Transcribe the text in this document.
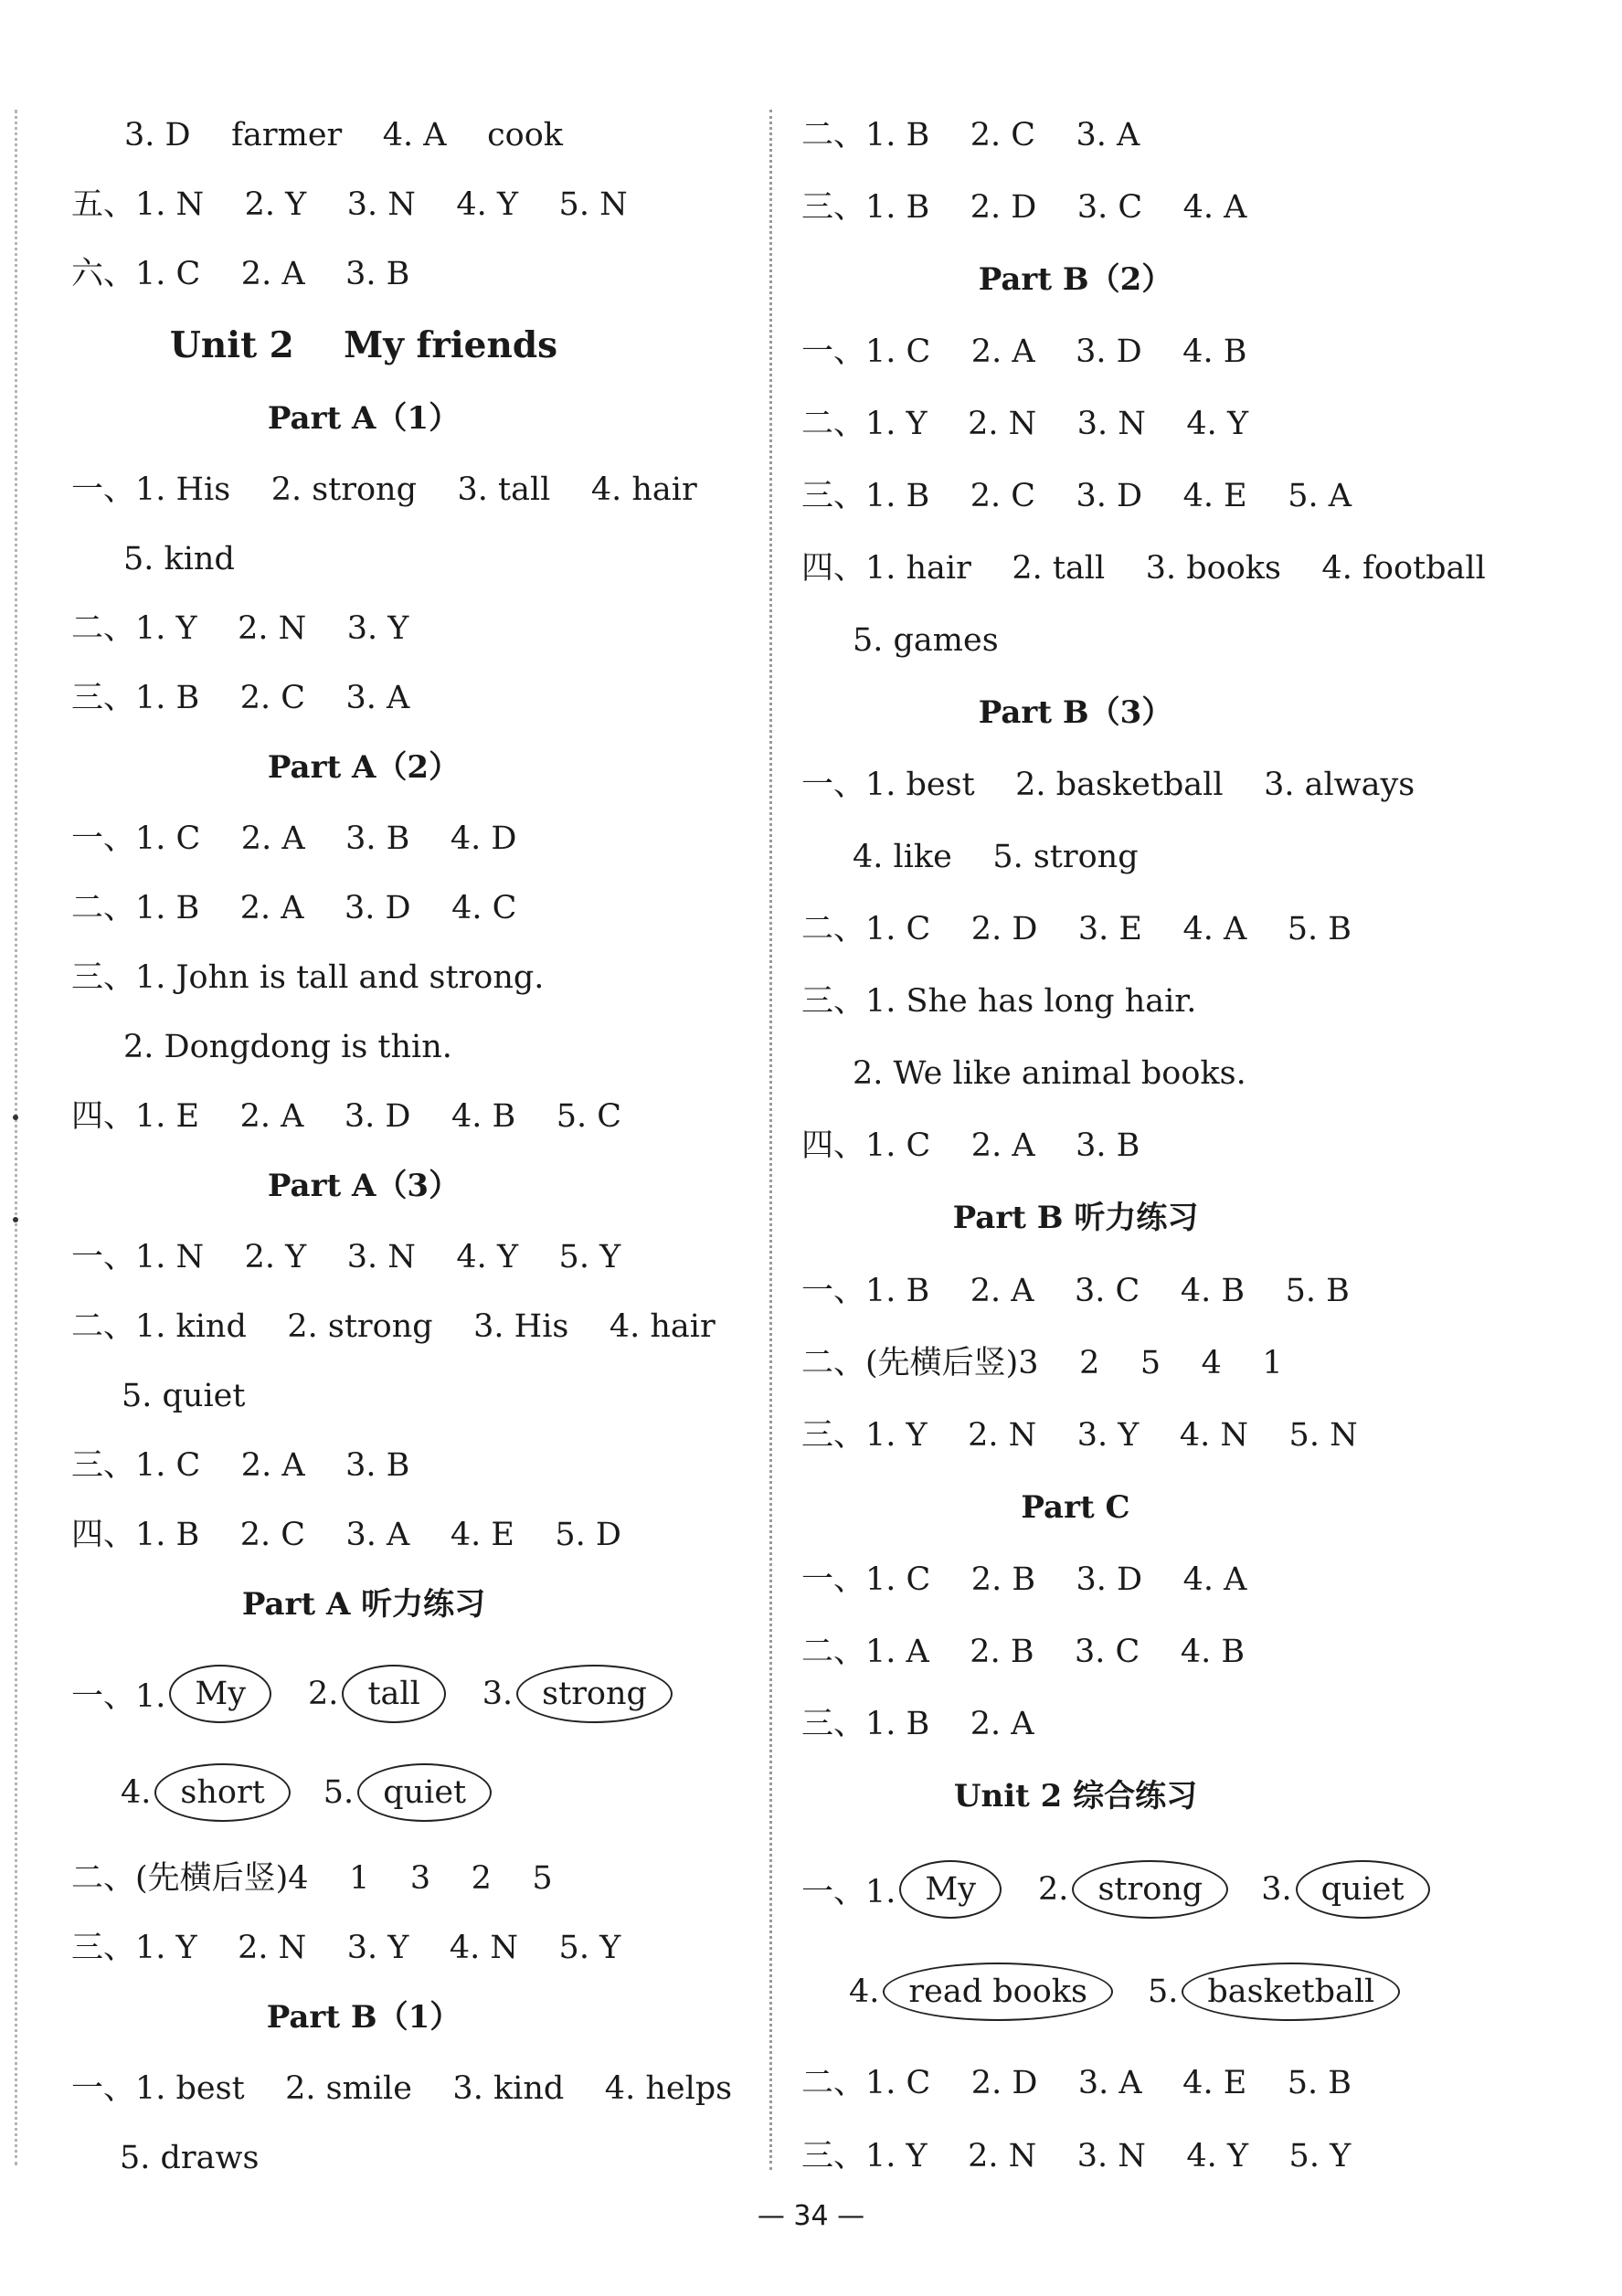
3. D    farmer    4. A    cook
五、1. N    2. Y    3. N    4. Y    5. N
六、1. C    2. A    3. B
Unit 2    My friends
Part A（1）
一、1. His    2. strong    3. tall    4. hair
5. kind
二、1. Y    2. N    3. Y
三、1. B    2. C    3. A
Part A（2）
一、1. C    2. A    3. B    4. D
二、1. B    2. A    3. D    4. C
三、1. John is tall and strong.
2. Dongdong is thin.
四、1. E    2. A    3. D    4. B    5. C
Part A（3）
一、1. N    2. Y    3. N    4. Y    5. Y
二、1. kind    2. strong    3. His    4. hair
5. quiet
三、1. C    2. A    3. B
四、1. B    2. C    3. A    4. E    5. D
Part A 听力练习
一、1. My	2. tall	3. strong
4. short	5. quiet
二、(先横后竖)4    1    3    2    5
三、1. Y    2. N    3. Y    4. N    5. Y
Part B（1）
一、1. best    2. smile    3. kind    4. helps
5. draws
二、1. B    2. C    3. A
三、1. B    2. D    3. C    4. A
Part B（2）
一、1. C    2. A    3. D    4. B
二、1. Y    2. N    3. N    4. Y
三、1. B    2. C    3. D    4. E    5. A
四、1. hair    2. tall    3. books    4. football
5. games
Part B（3）
一、1. best    2. basketball    3. always
4. like    5. strong
二、1. C    2. D    3. E    4. A    5. B
三、1. She has long hair.
2. We like animal books.
四、1. C    2. A    3. B
Part B 听力练习
一、1. B    2. A    3. C    4. B    5. B
二、(先横后竖)3    2    5    4    1
三、1. Y    2. N    3. Y    4. N    5. N
Part C
一、1. C    2. B    3. D    4. A
二、1. A    2. B    3. C    4. B
三、1. B    2. A
Unit 2 综合练习
一、1. My	2. strong	3. quiet
4. read books	5. basketball
二、1. C    2. D    3. A    4. E    5. B
三、1. Y    2. N    3. N    4. Y    5. Y
— 34 —
